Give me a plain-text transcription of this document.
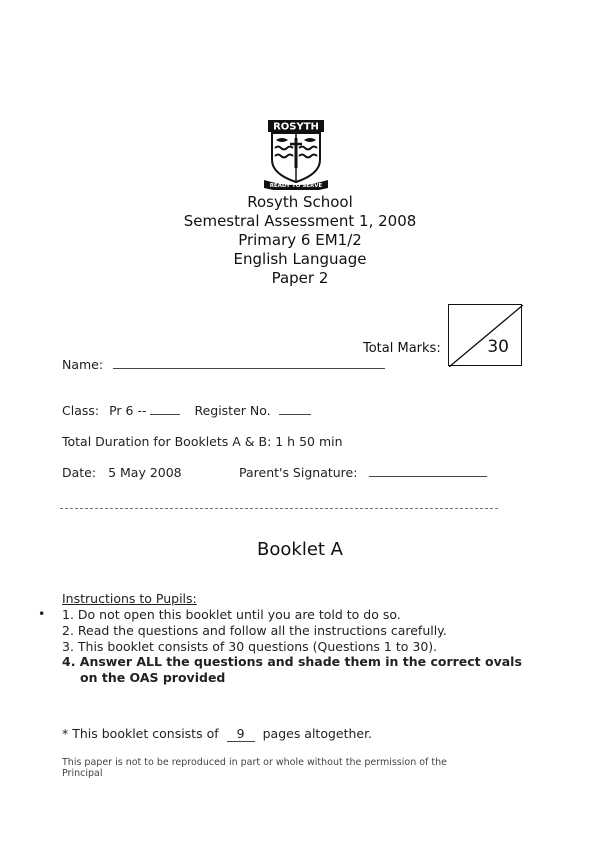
ROSYTH
READY TO SERVE
Rosyth School
Semestral Assessment 1, 2008
Primary 6 EM1/2
English Language
Paper 2
Total Marks:	30
Name:
Class: Pr 6 --	Register No.
Total Duration for Booklets A & B: 1 h 50 min
Date: 5 May 2008	Parent's Signature:
Booklet A
Instructions to Pupils:
• 1. Do not open this booklet until you are told to do so.
2. Read the questions and follow all the instructions carefully.
3. This booklet consists of 30 questions (Questions 1 to 30).
4. Answer ALL the questions and shade them in the correct ovals
on the OAS provided
* This booklet consists of 9 pages altogether.
This paper is not to be reproduced in part or whole without the permission of the
Principal
